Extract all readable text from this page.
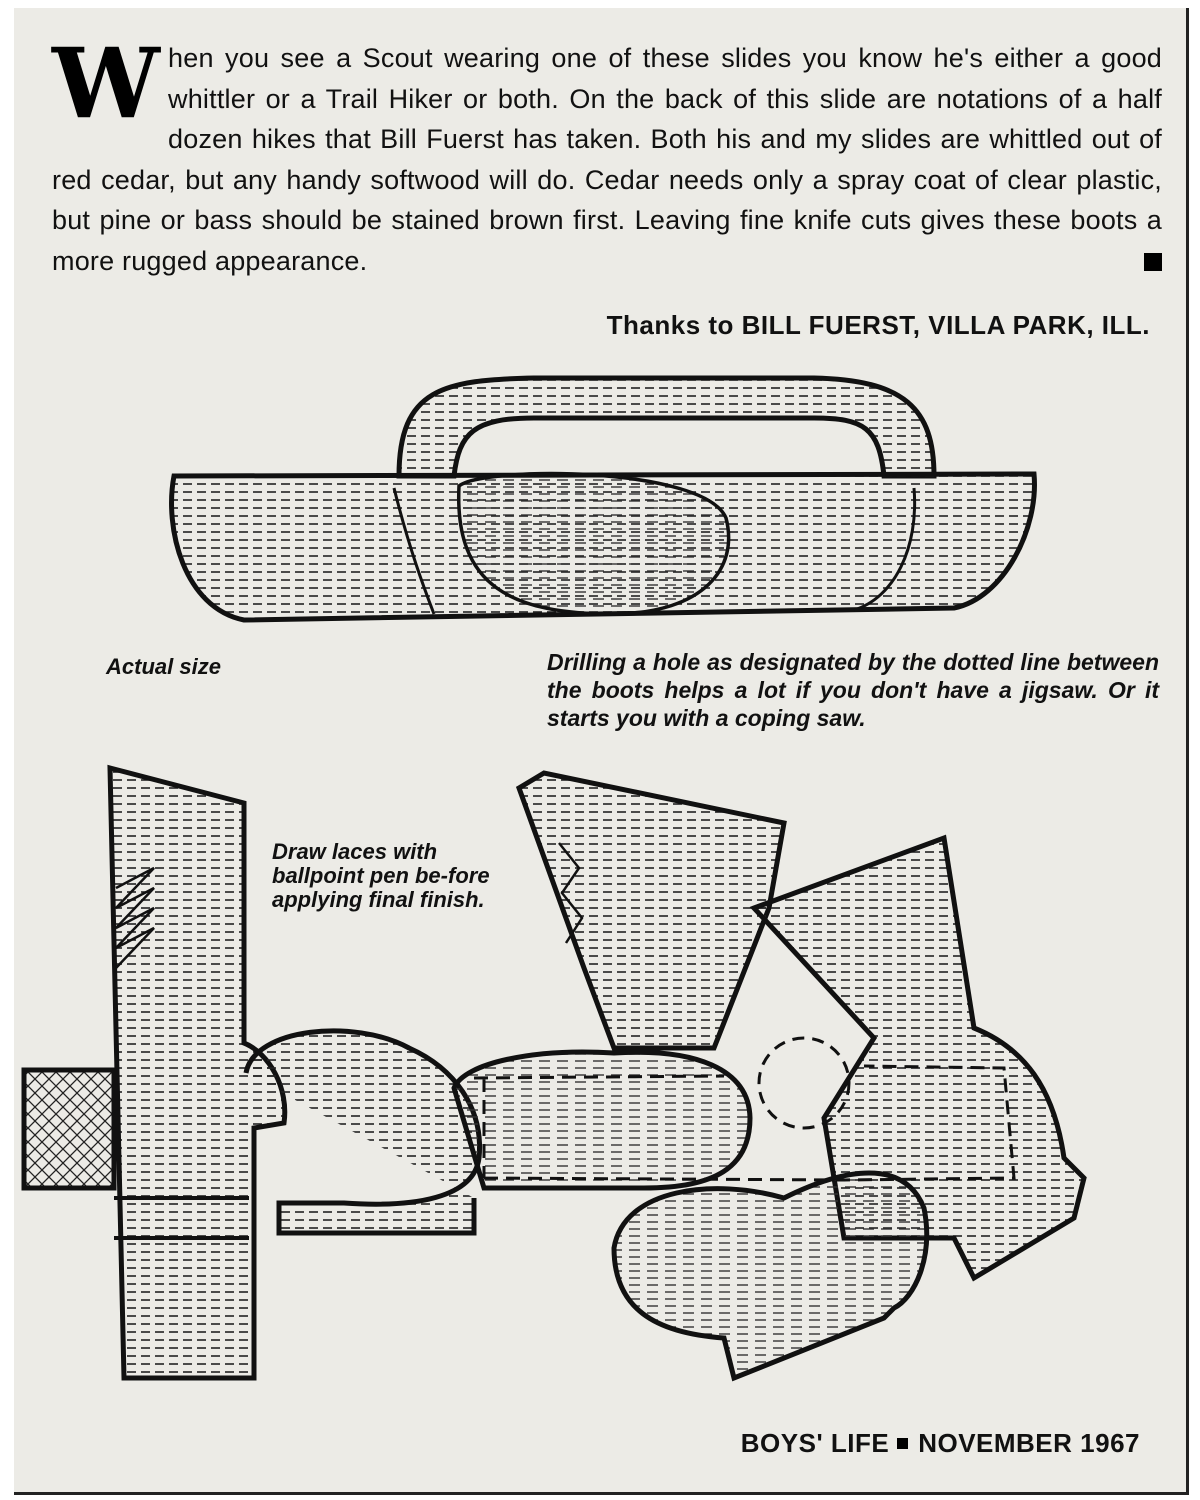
W hen you see a Scout wearing one of these slides you know he's either a good whittler or a Trail Hiker or both. On the back of this slide are notations of a half dozen hikes that Bill Fuerst has taken. Both his and my slides are whittled out of red cedar, but any handy softwood will do. Cedar needs only a spray coat of clear plastic, but pine or bass should be stained brown first. Leaving fine knife cuts gives these boots a more rugged appearance.
Thanks to BILL FUERST, VILLA PARK, ILL.
Actual size	Drilling a hole as designated by the dotted line between the boots helps a lot if you don't have a jigsaw. Or it starts you with a coping saw.
Draw laces with ballpoint pen be-fore applying final finish.
BOYS' LIFE NOVEMBER 1967
